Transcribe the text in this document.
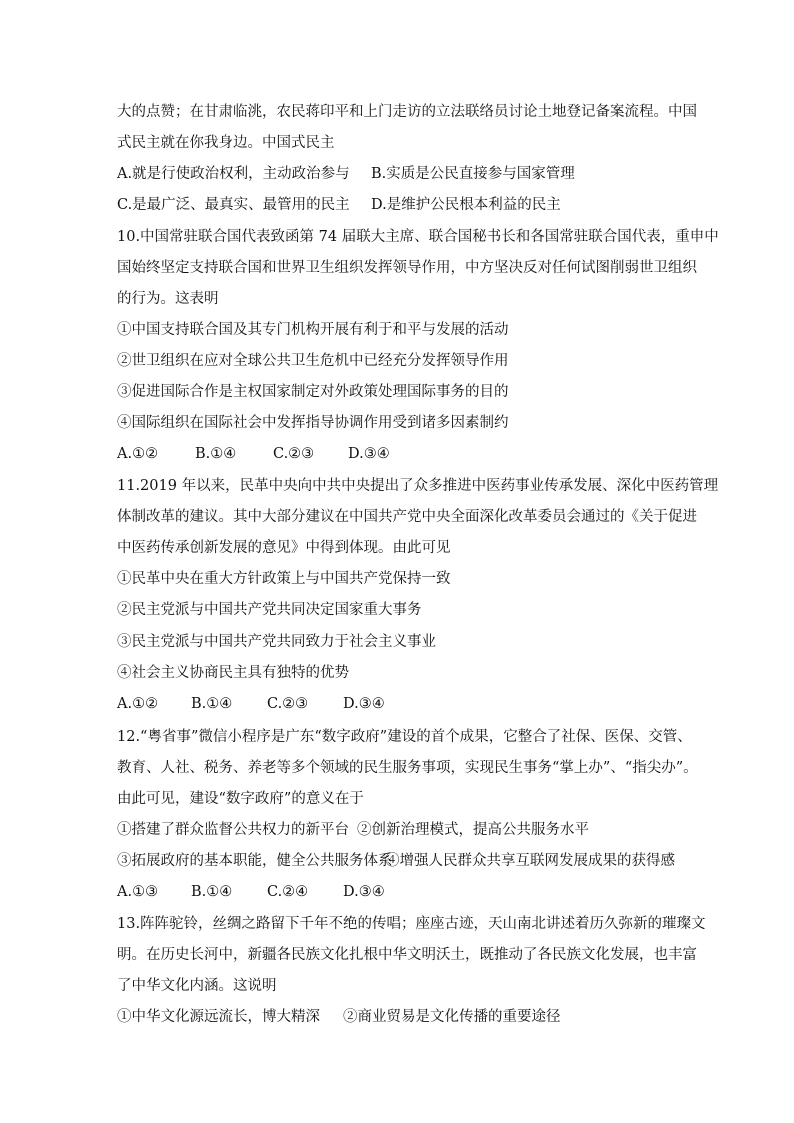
大的点赞；在甘肃临洮，农民蒋印平和上门走访的立法联络员讨论土地登记备案流程。中国
式民主就在你我身边。中国式民主
A.就是行使政治权利，主动政治参与 B.实质是公民直接参与国家管理
C.是最广泛、最真实、最管用的民主 D.是维护公民根本利益的民主
10.中国常驻联合国代表致函第 74 届联大主席、联合国秘书长和各国常驻联合国代表，重申中
国始终坚定支持联合国和世界卫生组织发挥领导作用，中方坚决反对任何试图削弱世卫组织
的行为。这表明
①中国支持联合国及其专门机构开展有利于和平与发展的活动
②世卫组织在应对全球公共卫生危机中已经充分发挥领导作用
③促进国际合作是主权国家制定对外政策处理国际事务的目的
④国际组织在国际社会中发挥指导协调作用受到诸多因素制约
A.①②	B.①④	C.②③ D.③④
11.2019 年以来，民革中央向中共中央提出了众多推进中医药事业传承发展、深化中医药管理
体制改革的建议。其中大部分建议在中国共产党中央全面深化改革委员会通过的《关于促进
中医药传承创新发展的意见》中得到体现。由此可见
①民革中央在重大方针政策上与中国共产党保持一致
②民主党派与中国共产党共同决定国家重大事务
③民主党派与中国共产党共同致力于社会主义事业
④社会主义协商民主具有独特的优势
A.①② B.①④ C.②③ D.③④
12.“粤省事”微信小程序是广东“数字政府”建设的首个成果，它整合了社保、医保、交管、
教育、人社、税务、养老等多个领域的民生服务事项，实现民生事务“掌上办”、“指尖办”。
由此可见，建设“数字政府”的意义在于
①搭建了群众监督公共权力的新平台 ②创新治理模式，提高公共服务水平
③拓展政府的基本职能，健全公共服务体系④增强人民群众共享互联网发展成果的获得感
A.①③ B.①④ C.②④ D.③④
13.阵阵驼铃，丝绸之路留下千年不绝的传唱；座座古迹，天山南北讲述着历久弥新的璀璨文
明。在历史长河中，新疆各民族文化扎根中华文明沃土，既推动了各民族文化发展，也丰富
了中华文化内涵。这说明
①中华文化源远流长，博大精深 ②商业贸易是文化传播的重要途径
